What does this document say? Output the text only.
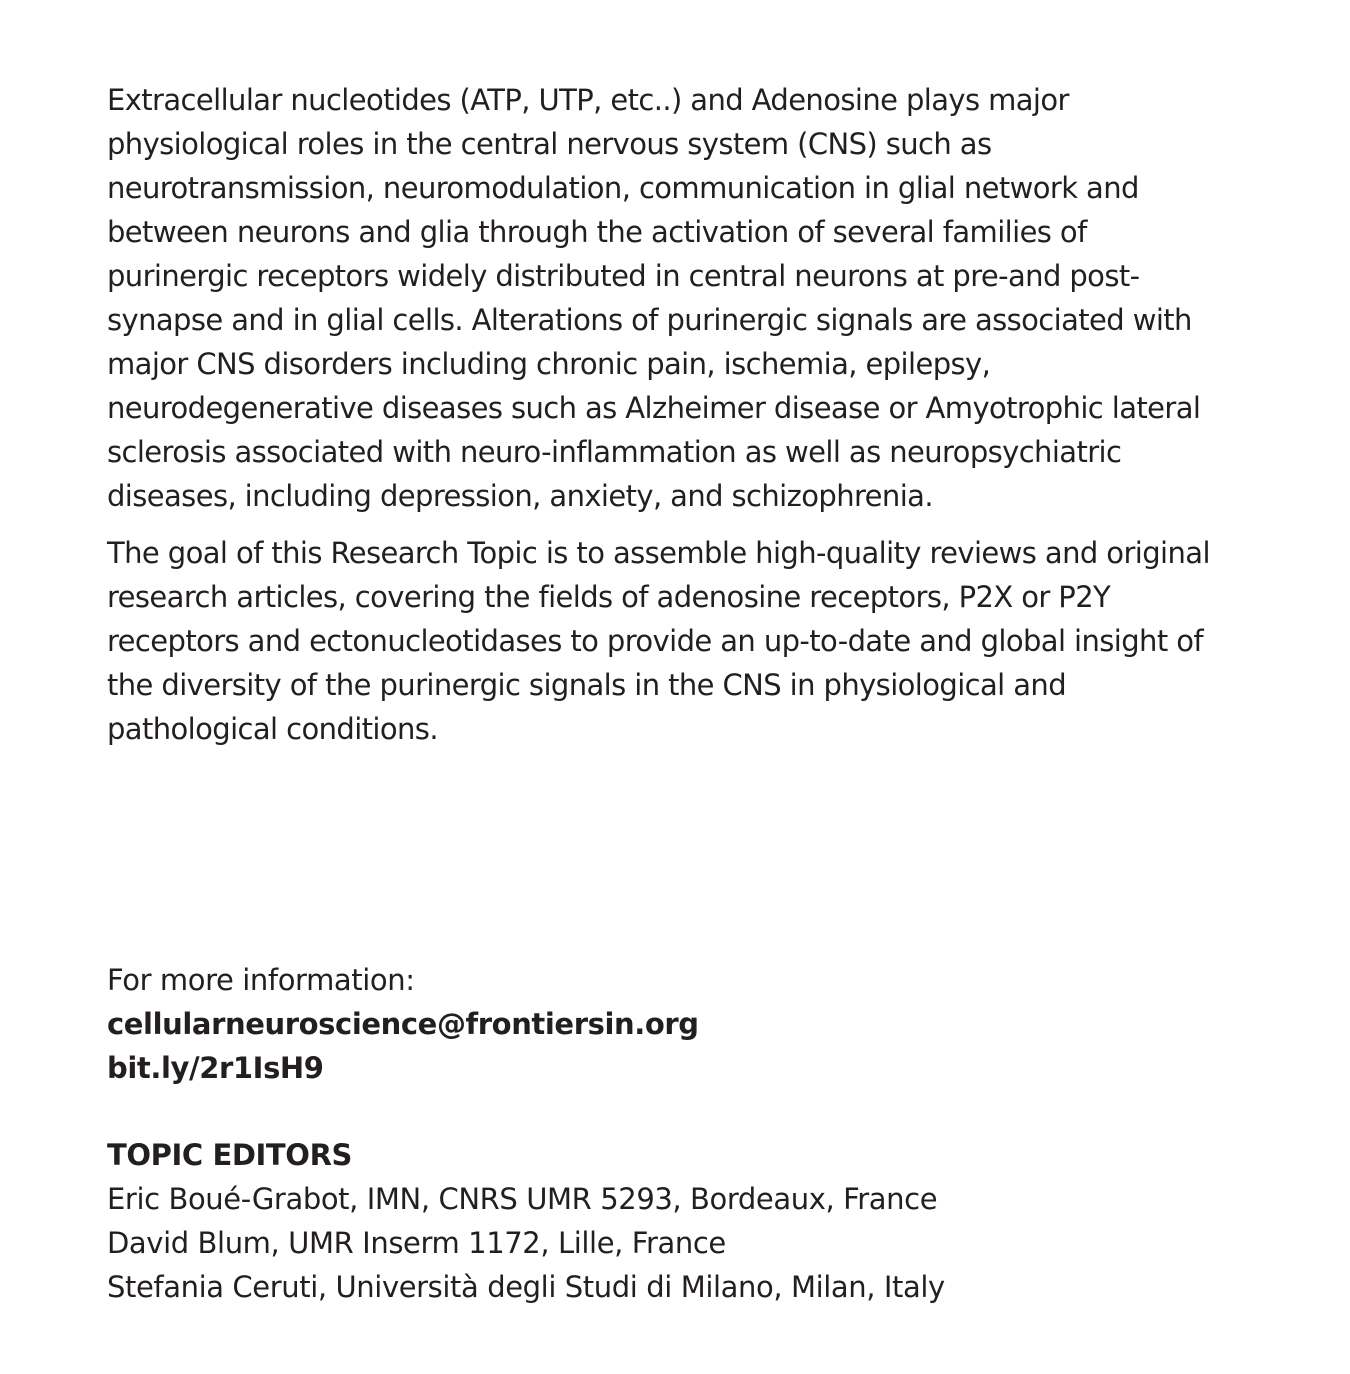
Extracellular nucleotides (ATP, UTP, etc..) and Adenosine plays major physiological roles in the central nervous system (CNS) such as neurotransmission, neuromodulation, communication in glial network and between neurons and glia through the activation of several families of purinergic receptors widely distributed in central neurons at pre-and post-synapse and in glial cells. Alterations of purinergic signals are associated with major CNS disorders including chronic pain, ischemia, epilepsy, neurodegenerative diseases such as Alzheimer disease or Amyotrophic lateral sclerosis associated with neuro-inflammation as well as neuropsychiatric diseases, including depression, anxiety, and schizophrenia.

The goal of this Research Topic is to assemble high-quality reviews and original research articles, covering the fields of adenosine receptors, P2X or P2Y receptors and ectonucleotidases to provide an up-to-date and global insight of the diversity of the purinergic signals in the CNS in physiological and pathological conditions.

For more information:
cellularneuroscience@frontiersin.org
bit.ly/2r1IsH9
TOPIC EDITORS
Eric Boué-Grabot, IMN, CNRS UMR 5293, Bordeaux, France
David Blum, UMR Inserm 1172, Lille, France
Stefania Ceruti, Università degli Studi di Milano, Milan, Italy
